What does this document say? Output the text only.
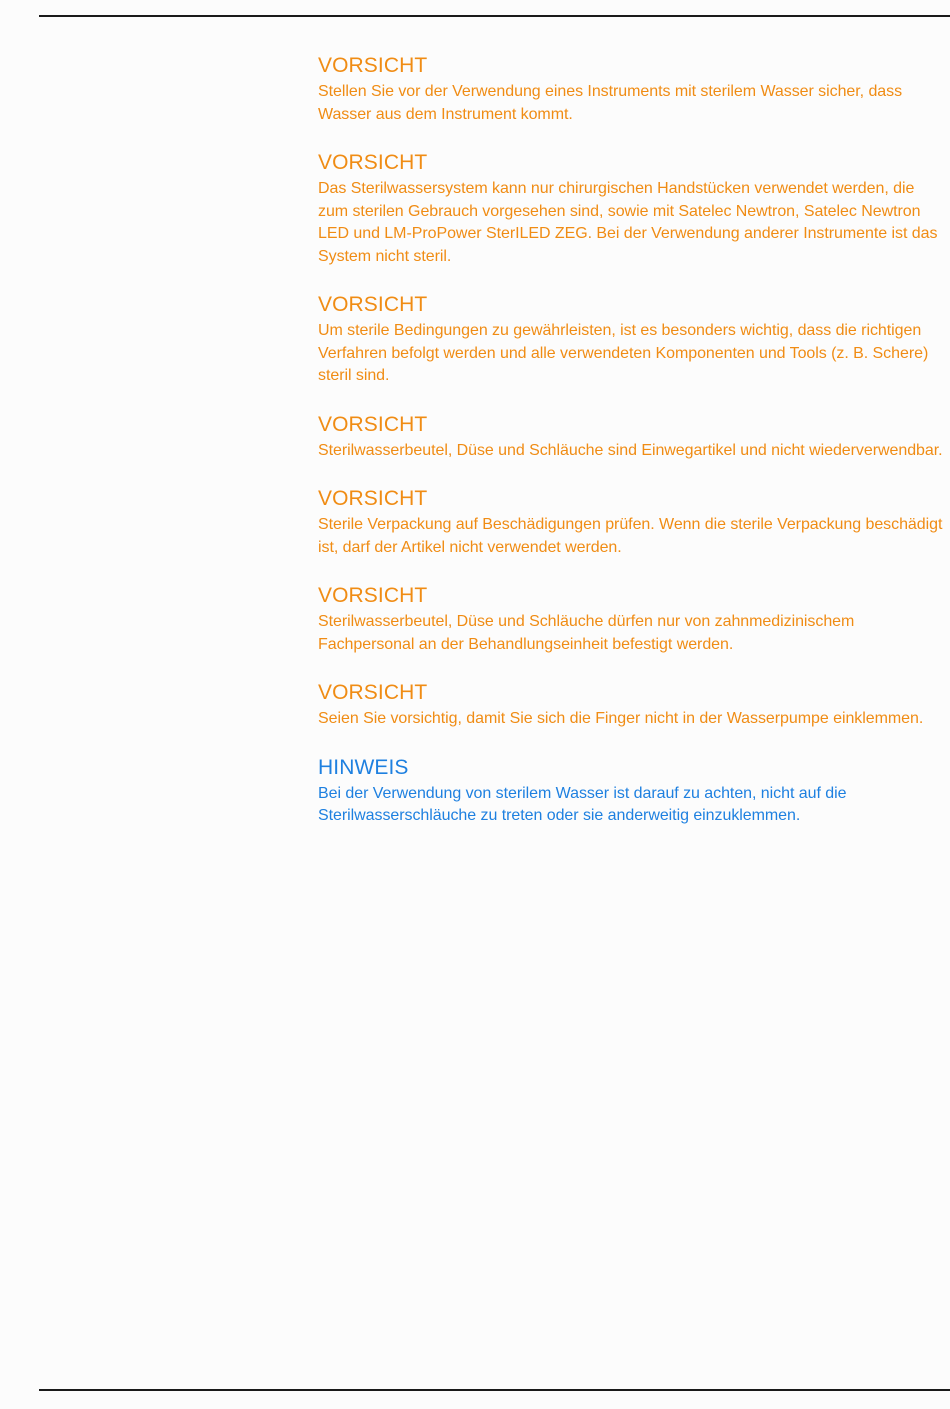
VORSICHT

Stellen Sie vor der Verwendung eines Instruments mit sterilem Wasser sicher, dass Wasser aus dem Instrument kommt.

VORSICHT

Das Sterilwassersystem kann nur chirurgischen Handstücken verwendet werden, die zum sterilen Gebrauch vorgesehen sind, sowie mit Satelec Newtron, Satelec Newtron LED und LM-ProPower SterILED ZEG. Bei der Verwendung anderer Instrumente ist das System nicht steril.

VORSICHT

Um sterile Bedingungen zu gewährleisten, ist es besonders wichtig, dass die richtigen Verfahren befolgt werden und alle verwendeten Komponenten und Tools (z. B. Schere) steril sind.

VORSICHT

Sterilwasserbeutel, Düse und Schläuche sind Einwegartikel und nicht wiederverwendbar.

VORSICHT

Sterile Verpackung auf Beschädigungen prüfen. Wenn die sterile Verpackung beschädigt ist, darf der Artikel nicht verwendet werden.

VORSICHT

Sterilwasserbeutel, Düse und Schläuche dürfen nur von zahnmedizinischem Fachpersonal an der Behandlungseinheit befestigt werden.

VORSICHT

Seien Sie vorsichtig, damit Sie sich die Finger nicht in der Wasserpumpe einklemmen.

HINWEIS

Bei der Verwendung von sterilem Wasser ist darauf zu achten, nicht auf die Sterilwasserschläuche zu treten oder sie anderweitig einzuklemmen.
